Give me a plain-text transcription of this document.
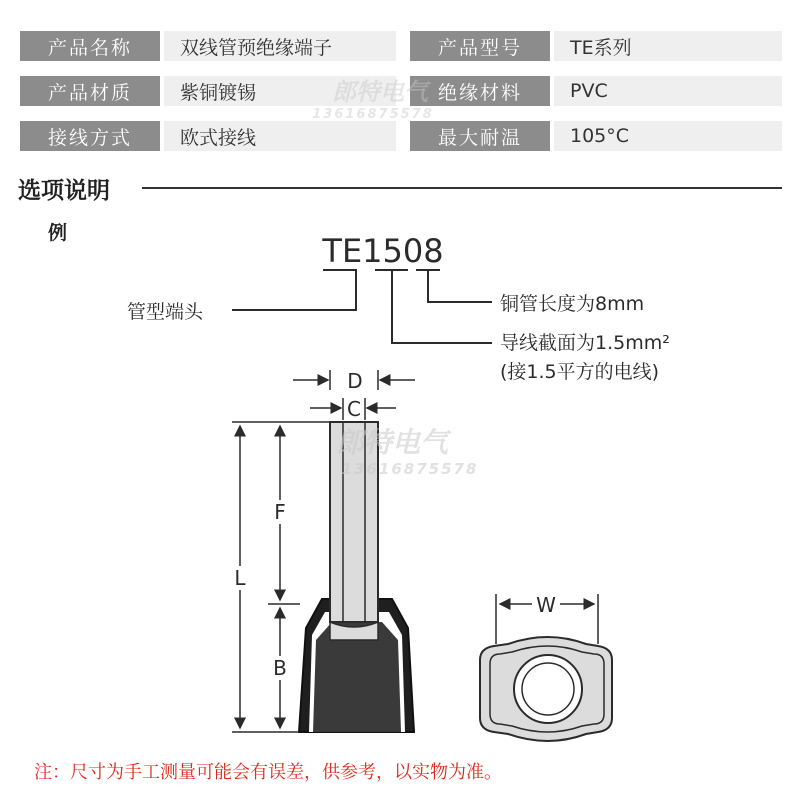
产品名称	双线管预绝缘端子	产品型号	TE系列
产品材质	紫铜镀锡	绝缘材料	PVC
接线方式	欧式接线	最大耐温	105°C
选项说明
例	TE1508
管型端头	铜管长度为8mm
导线截面为1.5mm²
(接1.5平方的电线)
D
C
L
F
B
W
郎特电气
13616875578
郎特电气
13616875578
注：尺寸为手工测量可能会有误差，供参考，以实物为准。
